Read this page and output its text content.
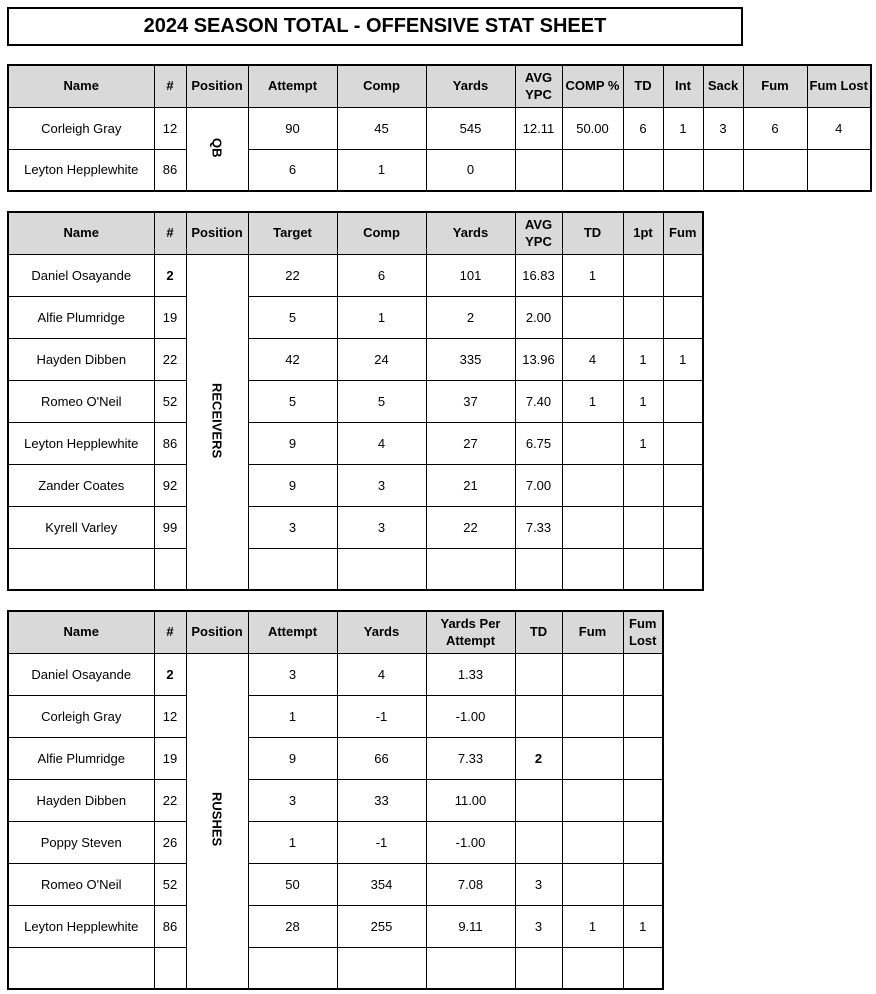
2024 SEASON TOTAL - OFFENSIVE STAT SHEET
Name	#	Position	Attempt	Comp	Yards	AVG YPC	COMP %	TD	Int	Sack	Fum	Fum Lost
Corleigh Gray	12	QB	90	45	545	12.11	50.00	6	1	3	6	4
Leyton Hepplewhite	86		6	1	0							
Name	#	Position	Target	Comp	Yards	AVG YPC	TD	1pt	Fum
Daniel Osayande	2	RECEIVERS	22	6	101	16.83	1		
Alfie Plumridge	19		5	1	2	2.00			
Hayden Dibben	22		42	24	335	13.96	4	1	1
Romeo O'Neil	52		5	5	37	7.40	1	1	
Leyton Hepplewhite	86		9	4	27	6.75		1	
Zander Coates	92		9	3	21	7.00			
Kyrell Varley	99		3	3	22	7.33			

Name	#	Position	Attempt	Yards	Yards Per Attempt	TD	Fum	Fum Lost
Daniel Osayande	2	RUSHES	3	4	1.33			
Corleigh Gray	12		1	-1	-1.00			
Alfie Plumridge	19		9	66	7.33	2		
Hayden Dibben	22		3	33	11.00			
Poppy Steven	26		1	-1	-1.00			
Romeo O'Neil	52		50	354	7.08	3		
Leyton Hepplewhite	86		28	255	9.11	3	1	1
